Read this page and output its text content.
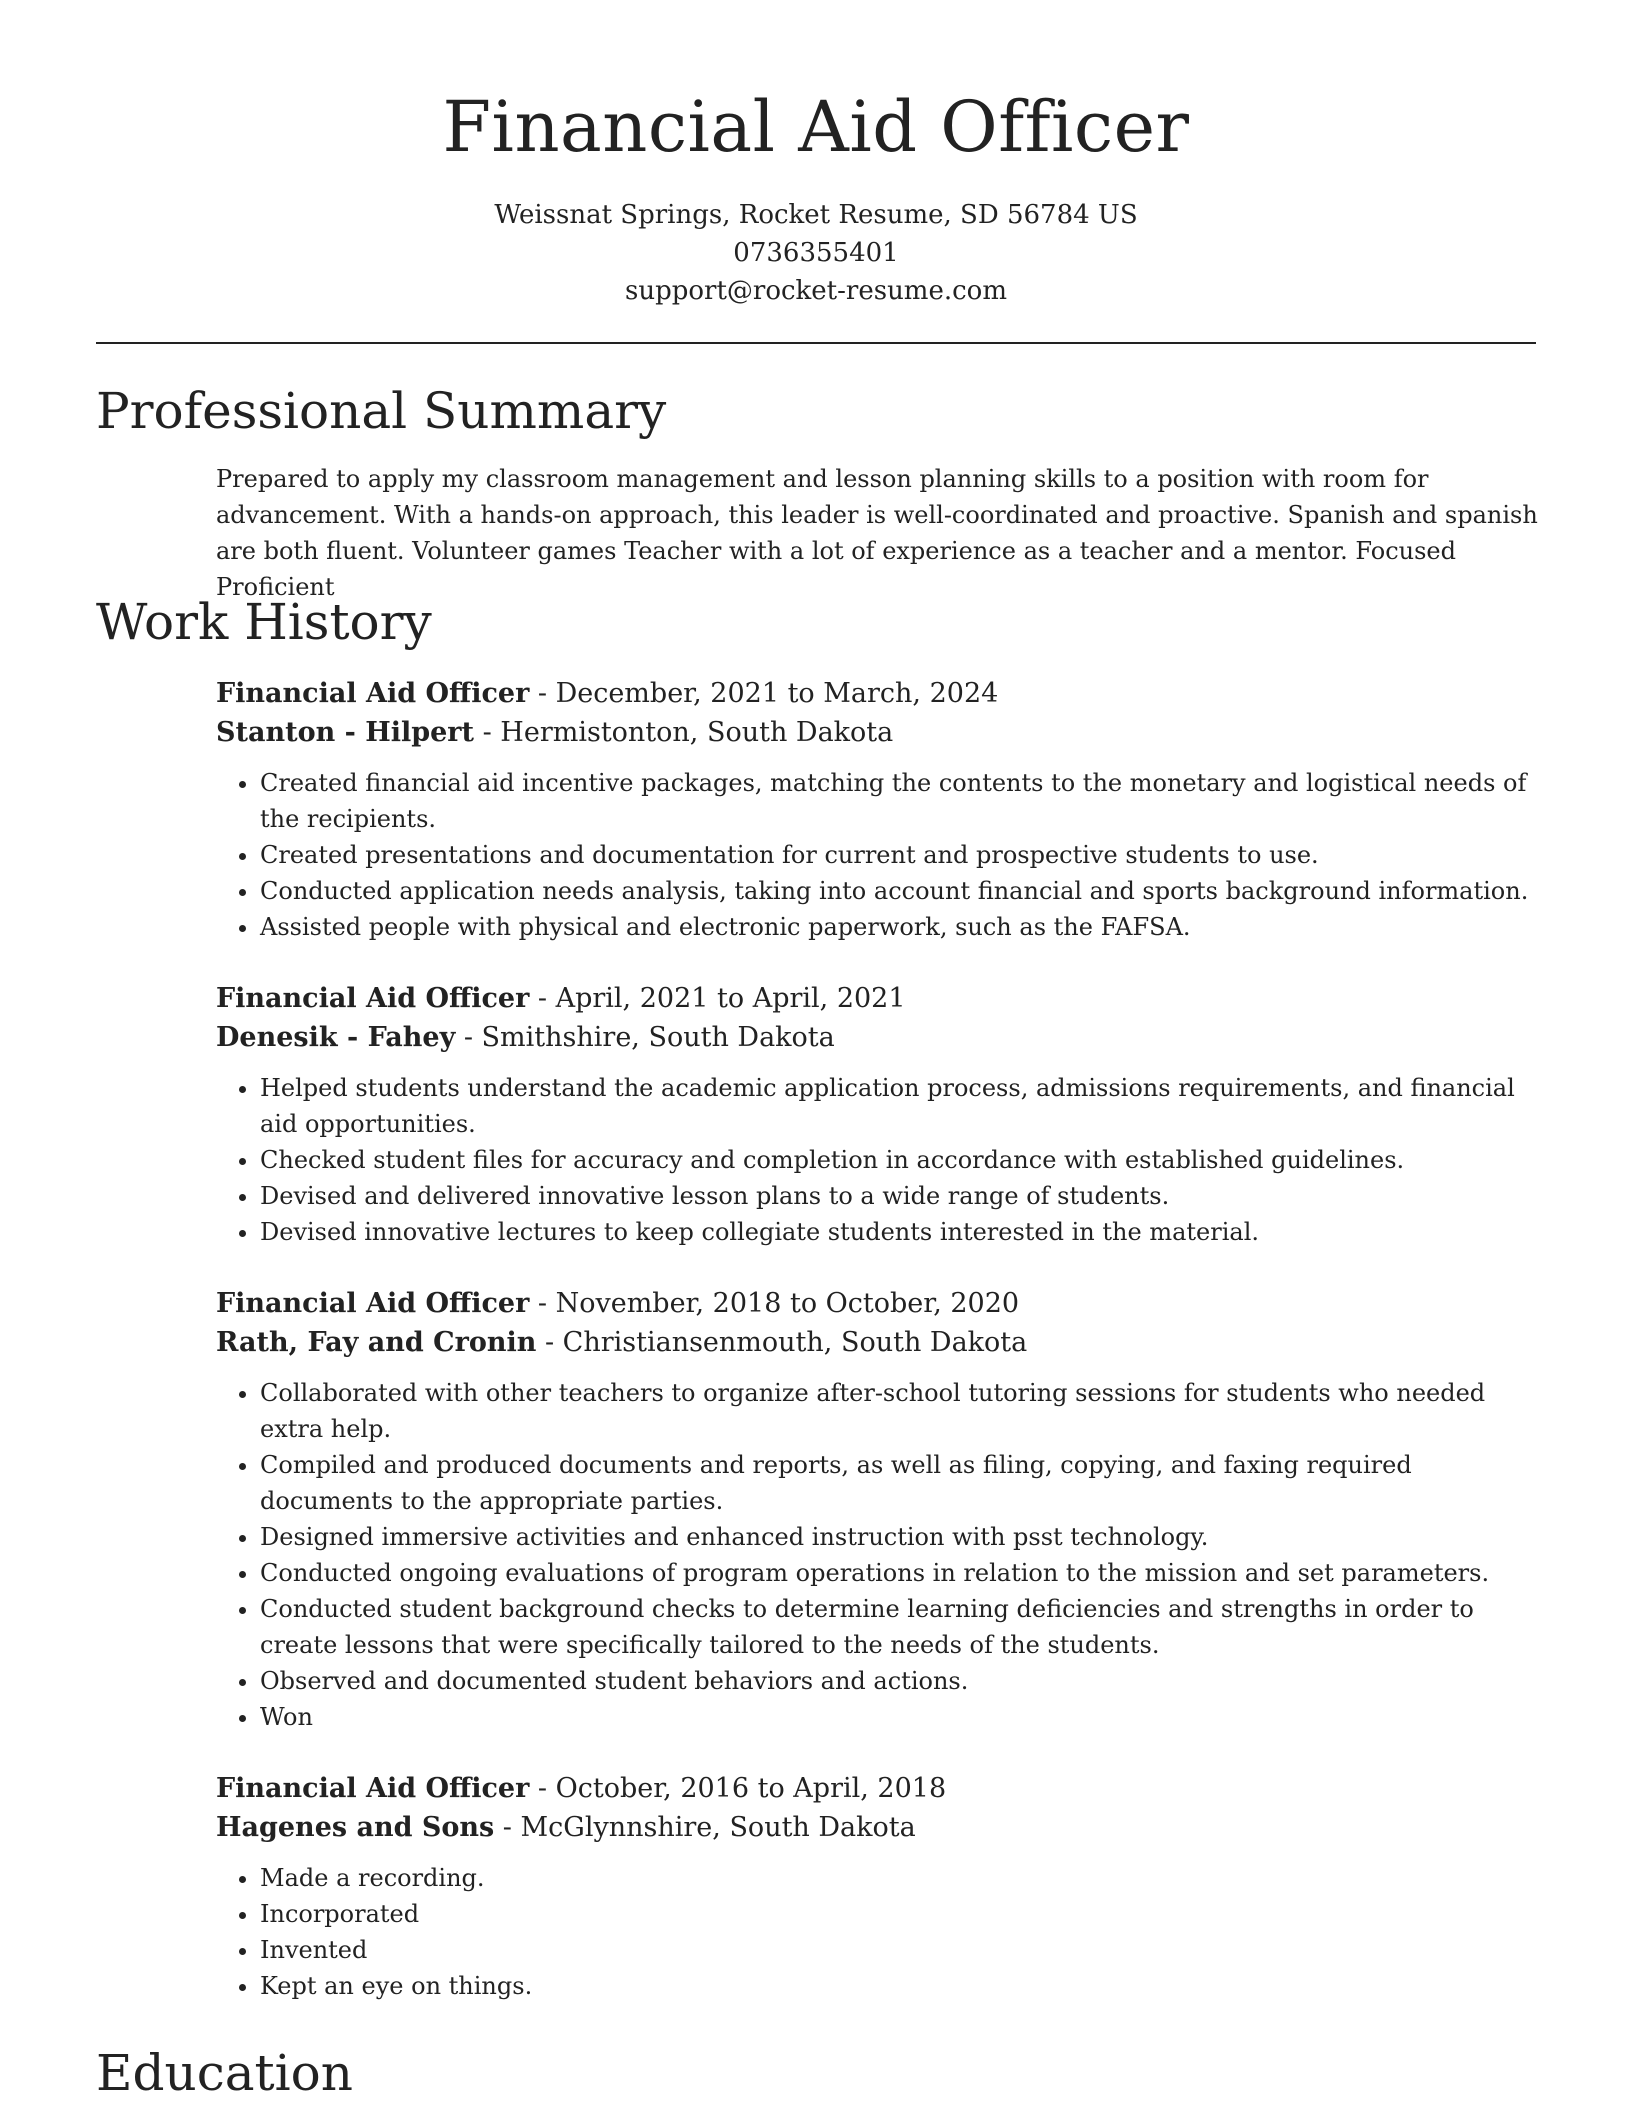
Financial Aid Officer
Weissnat Springs, Rocket Resume, SD 56784 US
0736355401
support@rocket-resume.com
Professional Summary

Prepared to apply my classroom management and lesson planning skills to a position with room for advancement. With a hands-on approach, this leader is well-coordinated and proactive. Spanish and spanish are both fluent. Volunteer games Teacher with a lot of experience as a teacher and a mentor. Focused Proficient

Work History

Financial Aid Officer - December, 2021 to March, 2024

Stanton - Hilpert - Hermistonton, South Dakota

• Created financial aid incentive packages, matching the contents to the monetary and logistical needs of the recipients.
• Created presentations and documentation for current and prospective students to use.
• Conducted application needs analysis, taking into account financial and sports background information.
• Assisted people with physical and electronic paperwork, such as the FAFSA.

Financial Aid Officer - April, 2021 to April, 2021

Denesik - Fahey - Smithshire, South Dakota

• Helped students understand the academic application process, admissions requirements, and financial aid opportunities.
• Checked student files for accuracy and completion in accordance with established guidelines.
• Devised and delivered innovative lesson plans to a wide range of students.
• Devised innovative lectures to keep collegiate students interested in the material.

Financial Aid Officer - November, 2018 to October, 2020

Rath, Fay and Cronin - Christiansenmouth, South Dakota

• Collaborated with other teachers to organize after-school tutoring sessions for students who needed extra help.
• Compiled and produced documents and reports, as well as filing, copying, and faxing required documents to the appropriate parties.
• Designed immersive activities and enhanced instruction with psst technology.
• Conducted ongoing evaluations of program operations in relation to the mission and set parameters.
• Conducted student background checks to determine learning deficiencies and strengths in order to create lessons that were specifically tailored to the needs of the students.
• Observed and documented student behaviors and actions.
• Won

Financial Aid Officer - October, 2016 to April, 2018

Hagenes and Sons - McGlynnshire, South Dakota

• Made a recording.
• Incorporated
• Invented
• Kept an eye on things.
Education
